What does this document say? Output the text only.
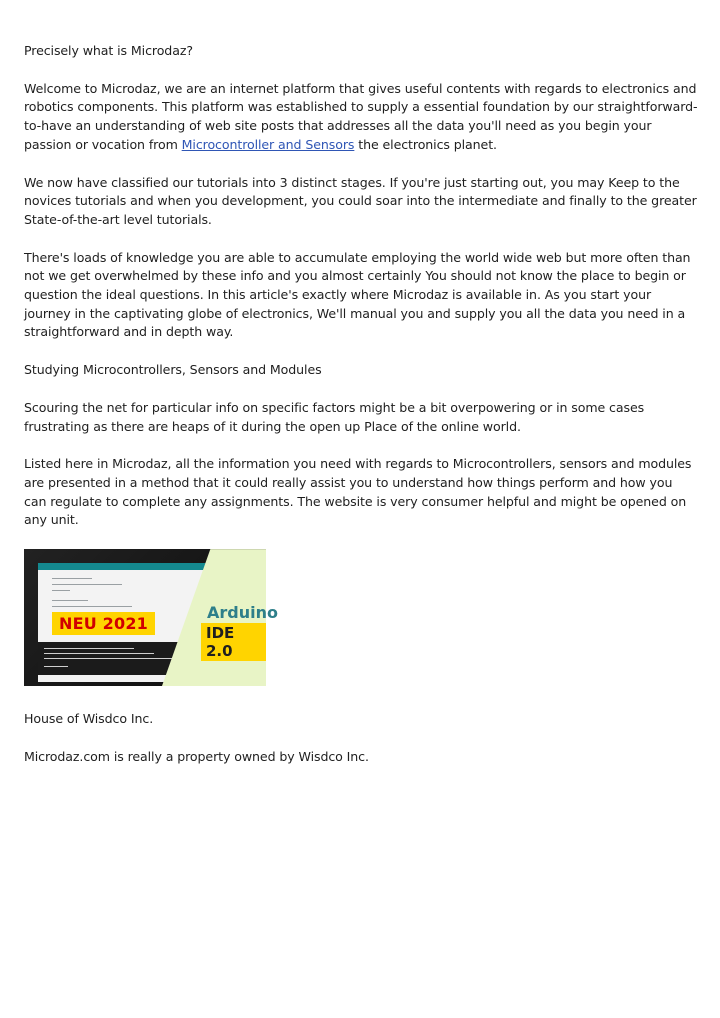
Precisely what is Microdaz?

Welcome to Microdaz, we are an internet platform that gives useful contents with regards to electronics and robotics components. This platform was established to supply a essential foundation by our straightforward-to-have an understanding of web site posts that addresses all the data you'll need as you begin your passion or vocation from Microcontroller and Sensors the electronics planet.

We now have classified our tutorials into 3 distinct stages. If you're just starting out, you may Keep to the novices tutorials and when you development, you could soar into the intermediate and finally to the greater State-of-the-art level tutorials.

There's loads of knowledge you are able to accumulate employing the world wide web but more often than not we get overwhelmed by these info and you almost certainly You should not know the place to begin or question the ideal questions. In this article's exactly where Microdaz is available in. As you start your journey in the captivating globe of electronics, We'll manual you and supply you all the data you need in a straightforward and in depth way.

Studying Microcontrollers, Sensors and Modules

Scouring the net for particular info on specific factors might be a bit overpowering or in some cases frustrating as there are heaps of it during the open up Place of the online world.

Listed here in Microdaz, all the information you need with regards to Microcontrollers, sensors and modules are presented in a method that it could really assist you to understand how things perform and how you can regulate to complete any assignments. The website is very consumer helpful and might be opened on any unit.

NEU 2021
Arduino
IDE 2.0

House of Wisdco Inc.

Microdaz.com is really a property owned by Wisdco Inc.
